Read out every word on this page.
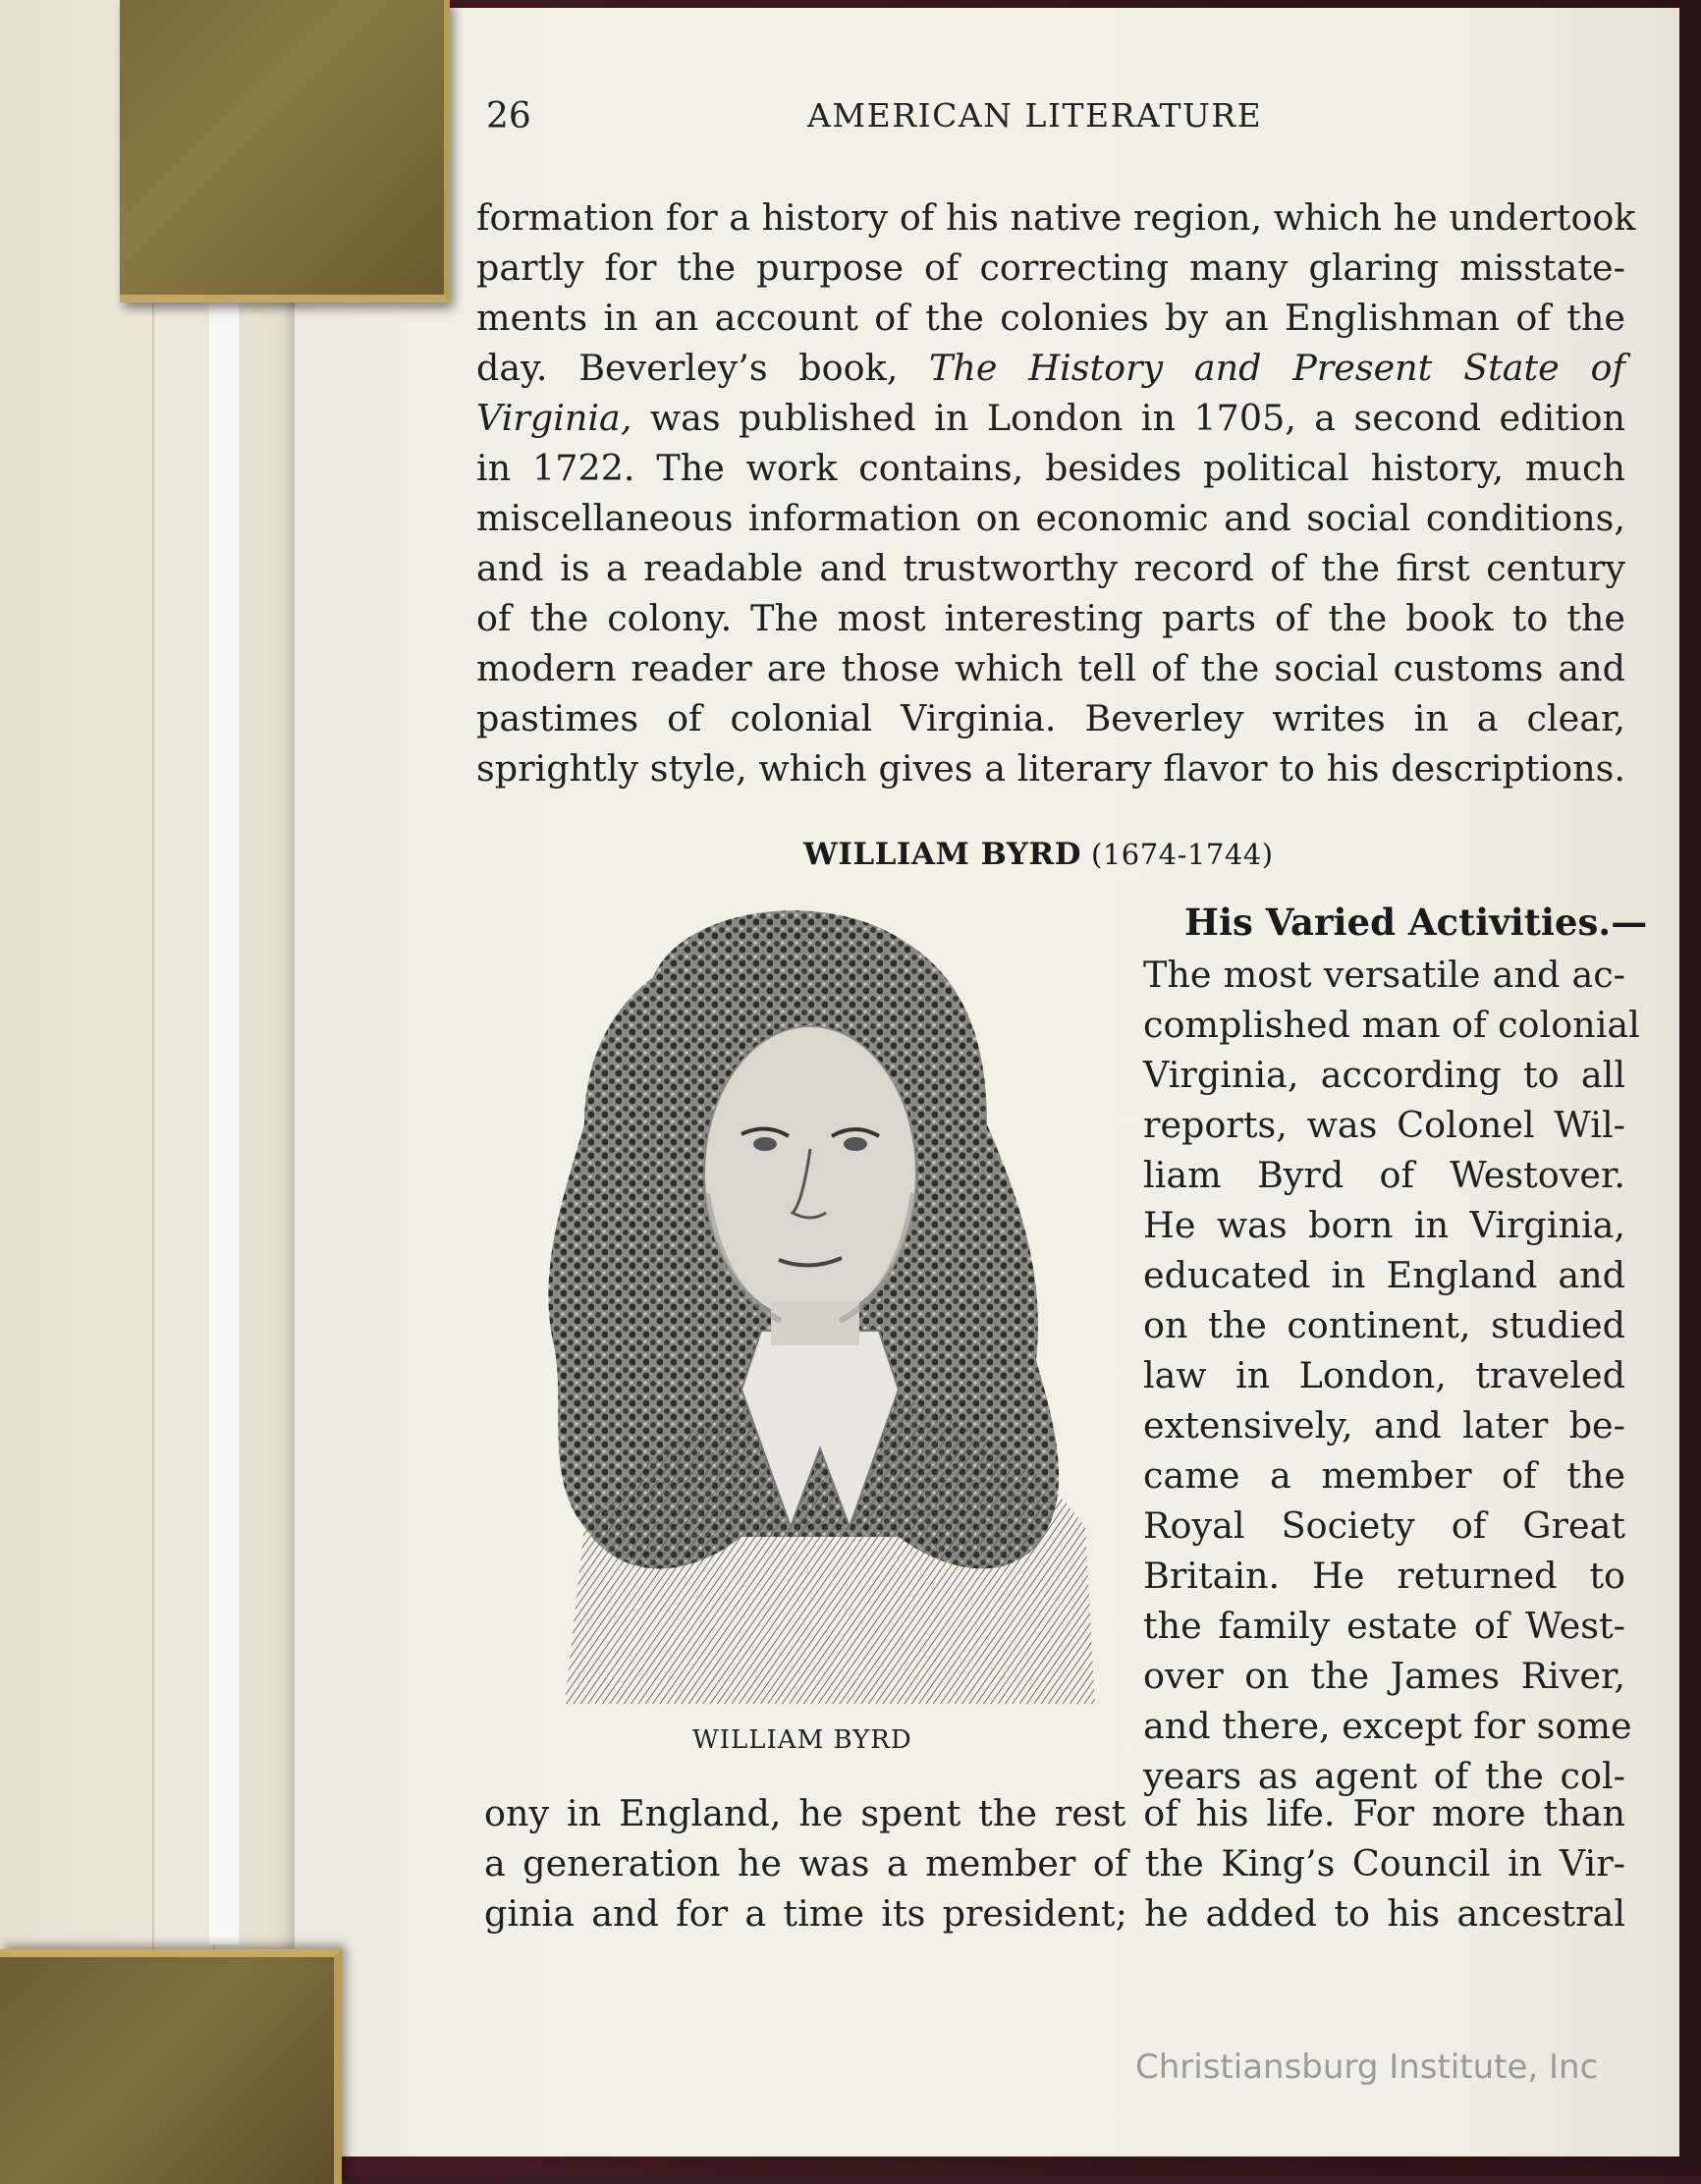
26	AMERICAN LITERATURE
formation for a history of his native region, which he undertook
partly for the purpose of correcting many glaring misstate-
ments in an account of the colonies by an Englishman of the
day. Beverley’s book, The History and Present State of
Virginia, was published in London in 1705, a second edition
in 1722. The work contains, besides political history, much
miscellaneous information on economic and social conditions,
and is a readable and trustworthy record of the first century
of the colony. The most interesting parts of the book to the
modern reader are those which tell of the social customs and
pastimes of colonial Virginia. Beverley writes in a clear,
sprightly style, which gives a literary flavor to his descriptions.
WILLIAM BYRD (1674-1744)
His Varied Activities.—
The most versatile and ac-
complished man of colonial
Virginia, according to all
reports, was Colonel Wil-
liam Byrd of Westover.
He was born in Virginia,
educated in England and
on the continent, studied
law in London, traveled
extensively, and later be-
came a member of the
Royal Society of Great
Britain. He returned to
the family estate of West-
over on the James River,
and there, except for some
years as agent of the col-
WILLIAM BYRD
ony in England, he spent the rest of his life. For more than
a generation he was a member of the King’s Council in Vir-
ginia and for a time its president; he added to his ancestral
Christiansburg Institute, Inc
